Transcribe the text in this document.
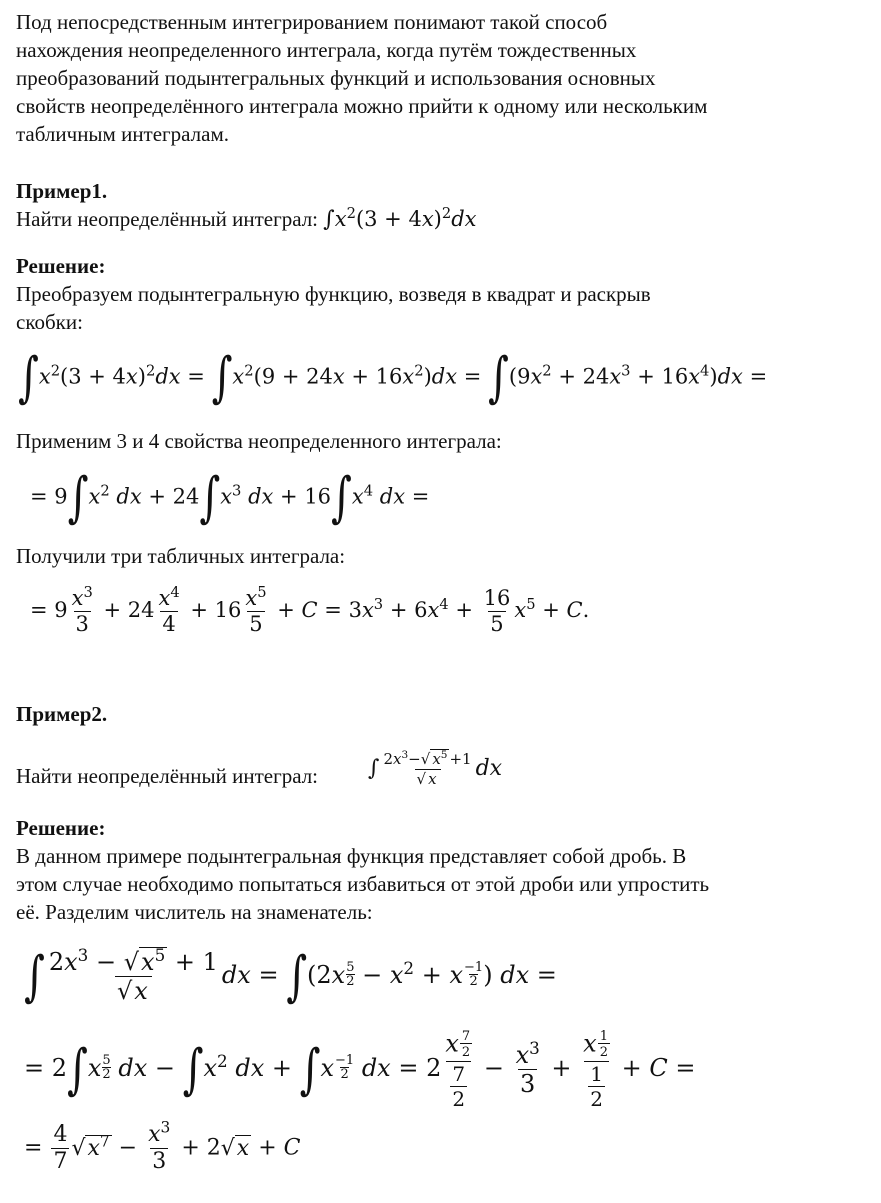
Под непосредственным интегрированием понимают такой способ
нахождения неопределенного интеграла, когда путём тождественных
преобразований подынтегральных функций и использования основных
свойств неопределённого интеграла можно прийти к одному или нескольким
табличным интегралам.
Пример1.
Найти неопределённый интеграл: $\int x^2(3 + 4x)^2dx$
Решение:
Преобразуем подынтегральную функцию, возведя в квадрат и раскрыв
скобки:
$\int x^2(3 + 4x)^2dx = \int x^2(9 + 24x + 16x^2)dx = \int(9x^2 + 24x^3 + 16x^4)dx$ =
Применим 3 и 4 свойства неопределенного интеграла:
= $9\int x^2$ dx + $24\int x^3$ dx + $16\int x^4$ dx =
Получили три табличных интеграла:
= $9 \frac{x^3}{3} + 24 \frac{x^4}{4} + 16 \frac{x^5}{5} + C = 3x^3 + 6x^4 + \frac{16}{5} x^5 + C$.
Пример2.
Найти неопределённый интеграл: ∫ $\frac{2x^3-√ x^5 +1}{√ x}$ dx
Решение:
В данном примере подынтегральная функция представляет собой дробь. В
этом случае необходимо попытаться избавиться от этой дроби или упростить
её. Разделим числитель на знаменатель:
∫ $\frac{2x^3 - √x^5 + 1}{√x}$ dx = $\int(2x \frac{5}{2} - x^2 + x \frac{-1}{2}$ ) dx =
= $2\int x \frac{5}{2}$ dx − $\int x^2$ dx + $\int x \frac{-1}{2}$ dx = $2 \frac{x \frac{7}{2}}{\frac{7}{2}} - \frac{x^3}{3} + \frac{x \frac{1}{2}}{\frac{1}{2}} + C$ =
= $\frac{4}{7} √x^7 - \frac{x^3}{3} + 2√x + C$
